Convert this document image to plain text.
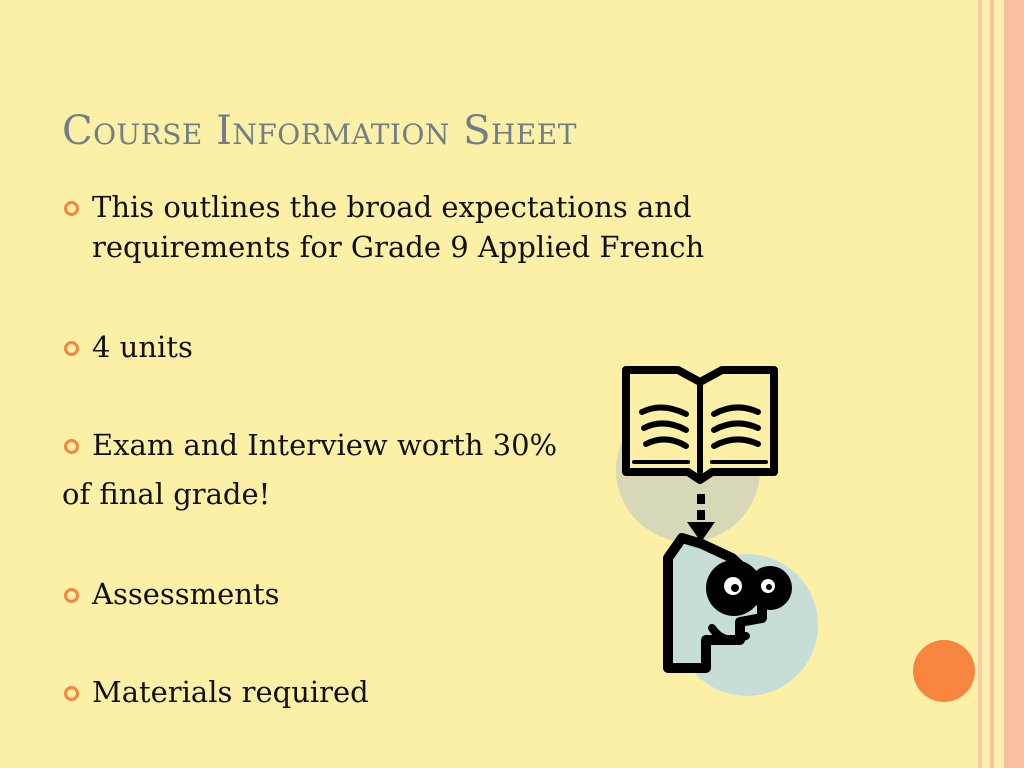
Course Information Sheet
This outlines the broad expectations and
requirements for Grade 9 Applied French
4 units
Exam and Interview worth 30%
of final grade!
Assessments
Materials required
